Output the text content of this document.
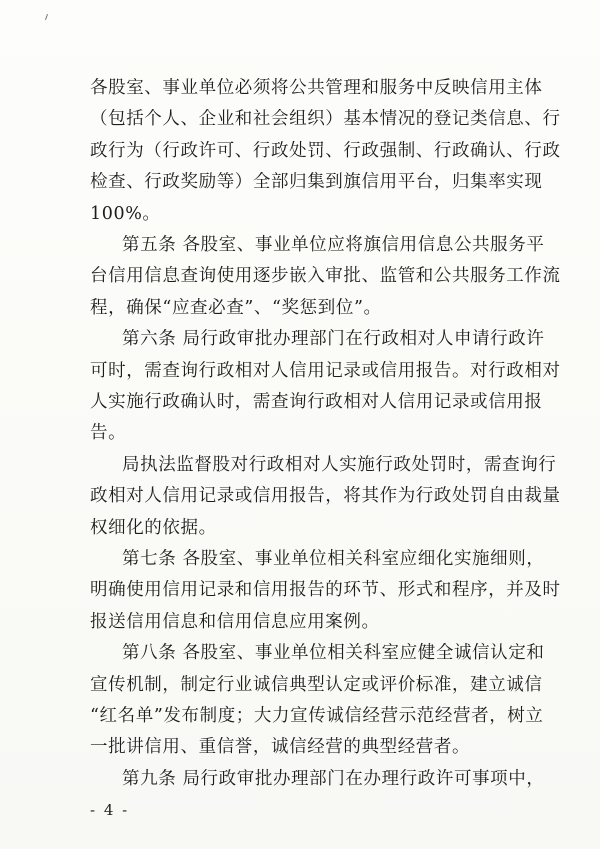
- 4 -
各股室、事业单位必须将公共管理和服务中反映信用主体
（包括个人、企业和社会组织）基本情况的登记类信息、行
政行为（行政许可、行政处罚、行政强制、行政确认、行政
检查、行政奖励等）全部归集到旗信用平台，归集率实现
100%。
第五条 各股室、事业单位应将旗信用信息公共服务平
台信用信息查询使用逐步嵌入审批、监管和公共服务工作流
程，确保“应查必查”、“奖惩到位”。
第六条 局行政审批办理部门在行政相对人申请行政许
可时，需查询行政相对人信用记录或信用报告。对行政相对
人实施行政确认时，需查询行政相对人信用记录或信用报
告。
局执法监督股对行政相对人实施行政处罚时，需查询行
政相对人信用记录或信用报告，将其作为行政处罚自由裁量
权细化的依据。
第七条 各股室、事业单位相关科室应细化实施细则，
明确使用信用记录和信用报告的环节、形式和程序，并及时
报送信用信息和信用信息应用案例。
第八条 各股室、事业单位相关科室应健全诚信认定和
宣传机制，制定行业诚信典型认定或评价标准，建立诚信
“红名单”发布制度；大力宣传诚信经营示范经营者，树立
一批讲信用、重信誉，诚信经营的典型经营者。
第九条 局行政审批办理部门在办理行政许可事项中，
